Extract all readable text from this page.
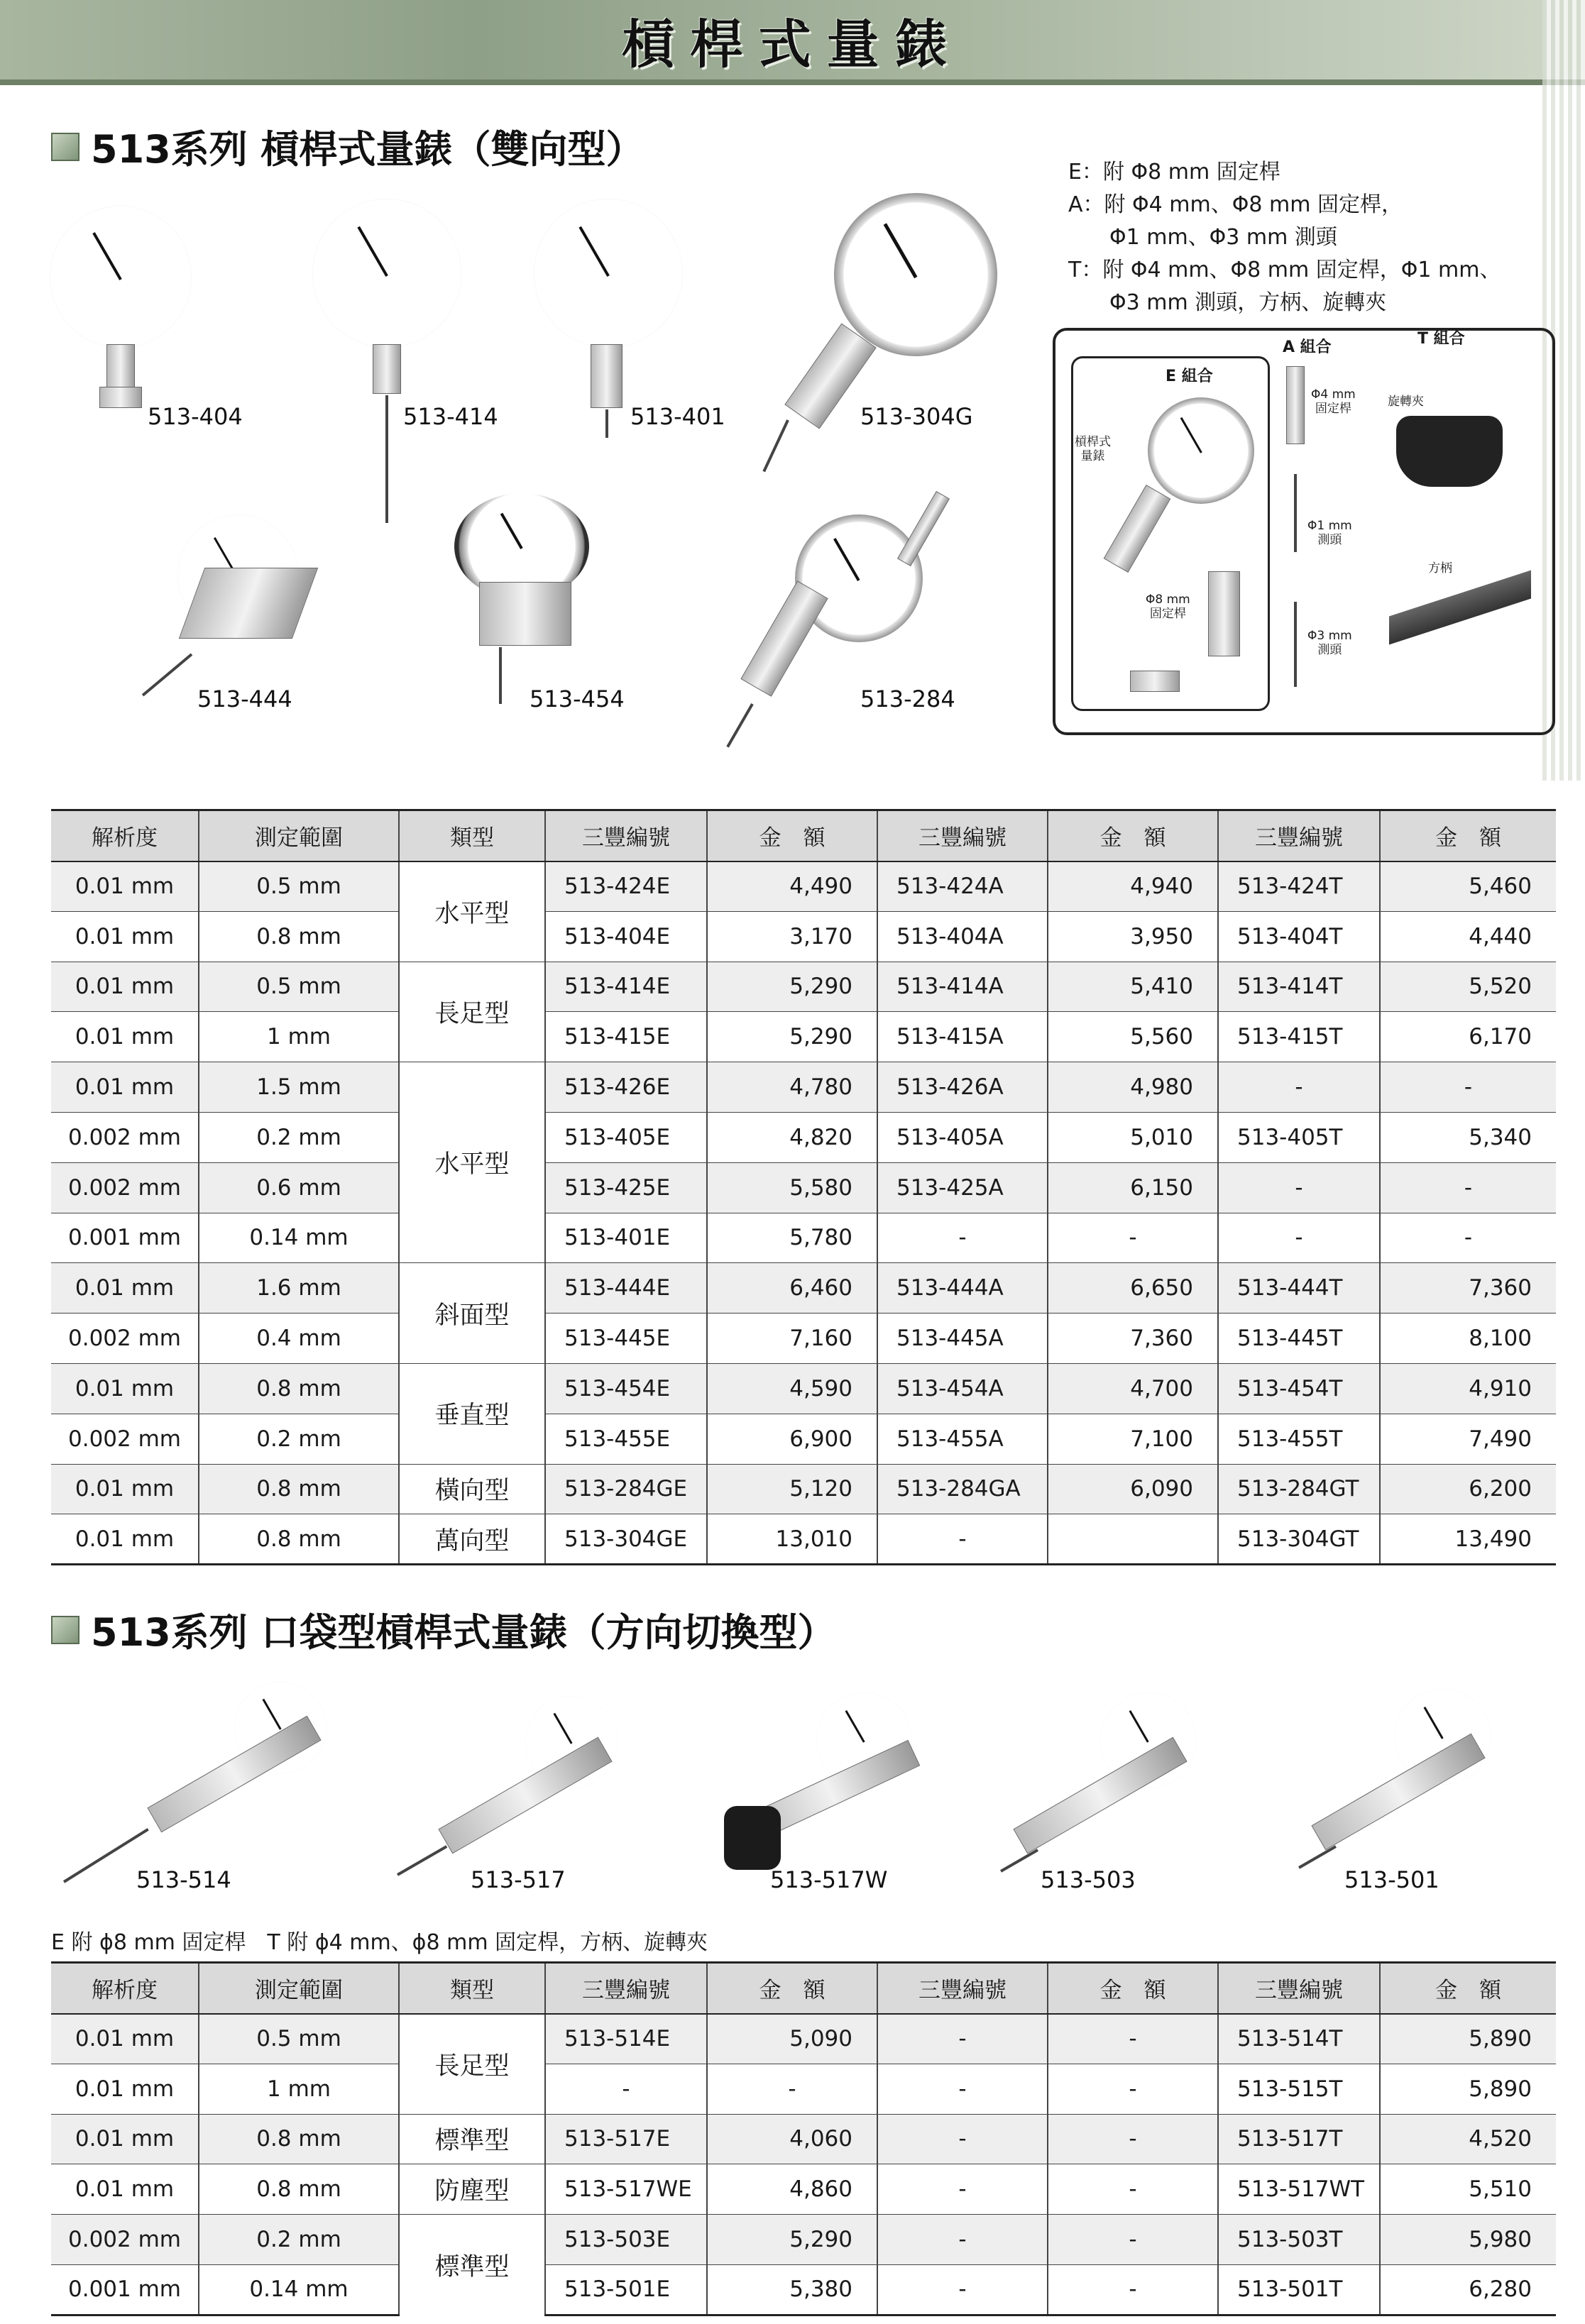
槓桿式量錶
513系列 槓桿式量錶（雙向型）
513-404	513-414	513-401	513-304G
513-444	513-454	513-284
E：附 Φ8 mm 固定桿
A：附 Φ4 mm、Φ8 mm 固定桿，
Φ1 mm、Φ3 mm 測頭
T：附 Φ4 mm、Φ8 mm 固定桿，Φ1 mm、
Φ3 mm 測頭，方柄、旋轉夾
E 組合
槓桿式
量錶
Φ8 mm
固定桿
A 組合
Φ4 mm
固定桿
Φ1 mm
測頭
Φ3 mm
測頭
T 組合
旋轉夾
方柄
解析度	測定範圍	類型	三豐編號	金　額	三豐編號	金　額	三豐編號	金　額
0.01 mm	0.5 mm	水平型	513-424E	4,490	513-424A	4,940	513-424T	5,460
0.01 mm	0.8 mm		513-404E	3,170	513-404A	3,950	513-404T	4,440
0.01 mm	0.5 mm	長足型	513-414E	5,290	513-414A	5,410	513-414T	5,520
0.01 mm	1 mm		513-415E	5,290	513-415A	5,560	513-415T	6,170
0.01 mm	1.5 mm	水平型	513-426E	4,780	513-426A	4,980	-	-
0.002 mm	0.2 mm		513-405E	4,820	513-405A	5,010	513-405T	5,340
0.002 mm	0.6 mm		513-425E	5,580	513-425A	6,150	-	-
0.001 mm	0.14 mm		513-401E	5,780	-	-	-	-
0.01 mm	1.6 mm	斜面型	513-444E	6,460	513-444A	6,650	513-444T	7,360
0.002 mm	0.4 mm		513-445E	7,160	513-445A	7,360	513-445T	8,100
0.01 mm	0.8 mm	垂直型	513-454E	4,590	513-454A	4,700	513-454T	4,910
0.002 mm	0.2 mm		513-455E	6,900	513-455A	7,100	513-455T	7,490
0.01 mm	0.8 mm	橫向型	513-284GE	5,120	513-284GA	6,090	513-284GT	6,200
0.01 mm	0.8 mm	萬向型	513-304GE	13,010	-		513-304GT	13,490
513系列 口袋型槓桿式量錶（方向切換型）
513-514	513-517	513-517W	513-503	513-501
E 附 ϕ8 mm 固定桿　T 附 ϕ4 mm、ϕ8 mm 固定桿，方柄、旋轉夾
解析度	測定範圍	類型	三豐編號	金　額	三豐編號	金　額	三豐編號	金　額
0.01 mm	0.5 mm	長足型	513-514E	5,090	-	-	513-514T	5,890
0.01 mm	1 mm		-	-	-	-	513-515T	5,890
0.01 mm	0.8 mm	標準型	513-517E	4,060	-	-	513-517T	4,520
0.01 mm	0.8 mm	防塵型	513-517WE	4,860	-	-	513-517WT	5,510
0.002 mm	0.2 mm	標準型	513-503E	5,290	-	-	513-503T	5,980
0.001 mm	0.14 mm		513-501E	5,380	-	-	513-501T	6,280
